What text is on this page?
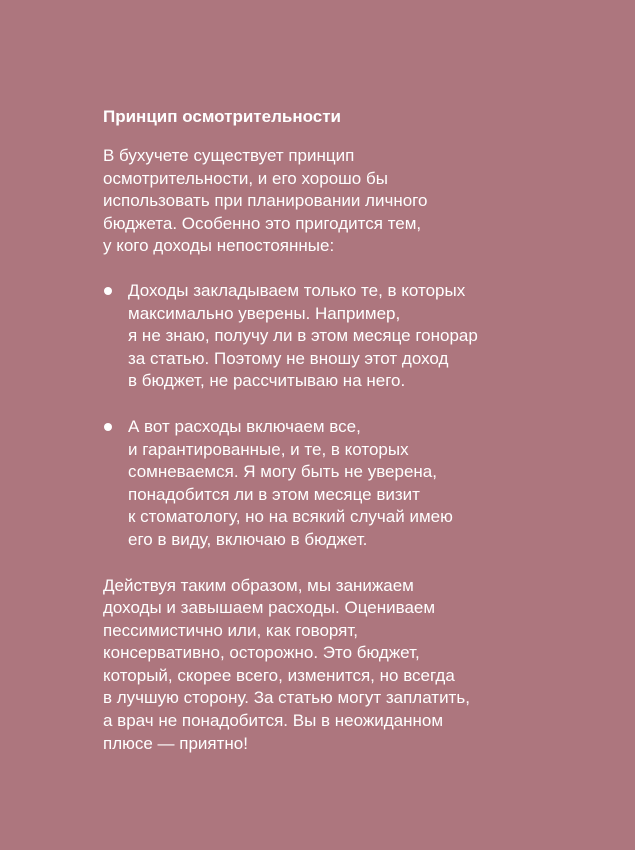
Принцип осмотрительности

В бухучете существует принцип
осмотрительности, и его хорошо бы
использовать при планировании личного
бюджета. Особенно это пригодится тем,
у кого доходы непостоянные:

Доходы закладываем только те, в которых
максимально уверены. Например,
я не знаю, получу ли в этом месяце гонорар
за статью. Поэтому не вношу этот доход
в бюджет, не рассчитываю на него.
А вот расходы включаем все,
и гарантированные, и те, в которых
сомневаемся. Я могу быть не уверена,
понадобится ли в этом месяце визит
к стоматологу, но на всякий случай имею
его в виду, включаю в бюджет.

Действуя таким образом, мы занижаем
доходы и завышаем расходы. Оцениваем
пессимистично или, как говорят,
консервативно, осторожно. Это бюджет,
который, скорее всего, изменится, но всегда
в лучшую сторону. За статью могут заплатить,
а врач не понадобится. Вы в неожиданном
плюсе — приятно!
